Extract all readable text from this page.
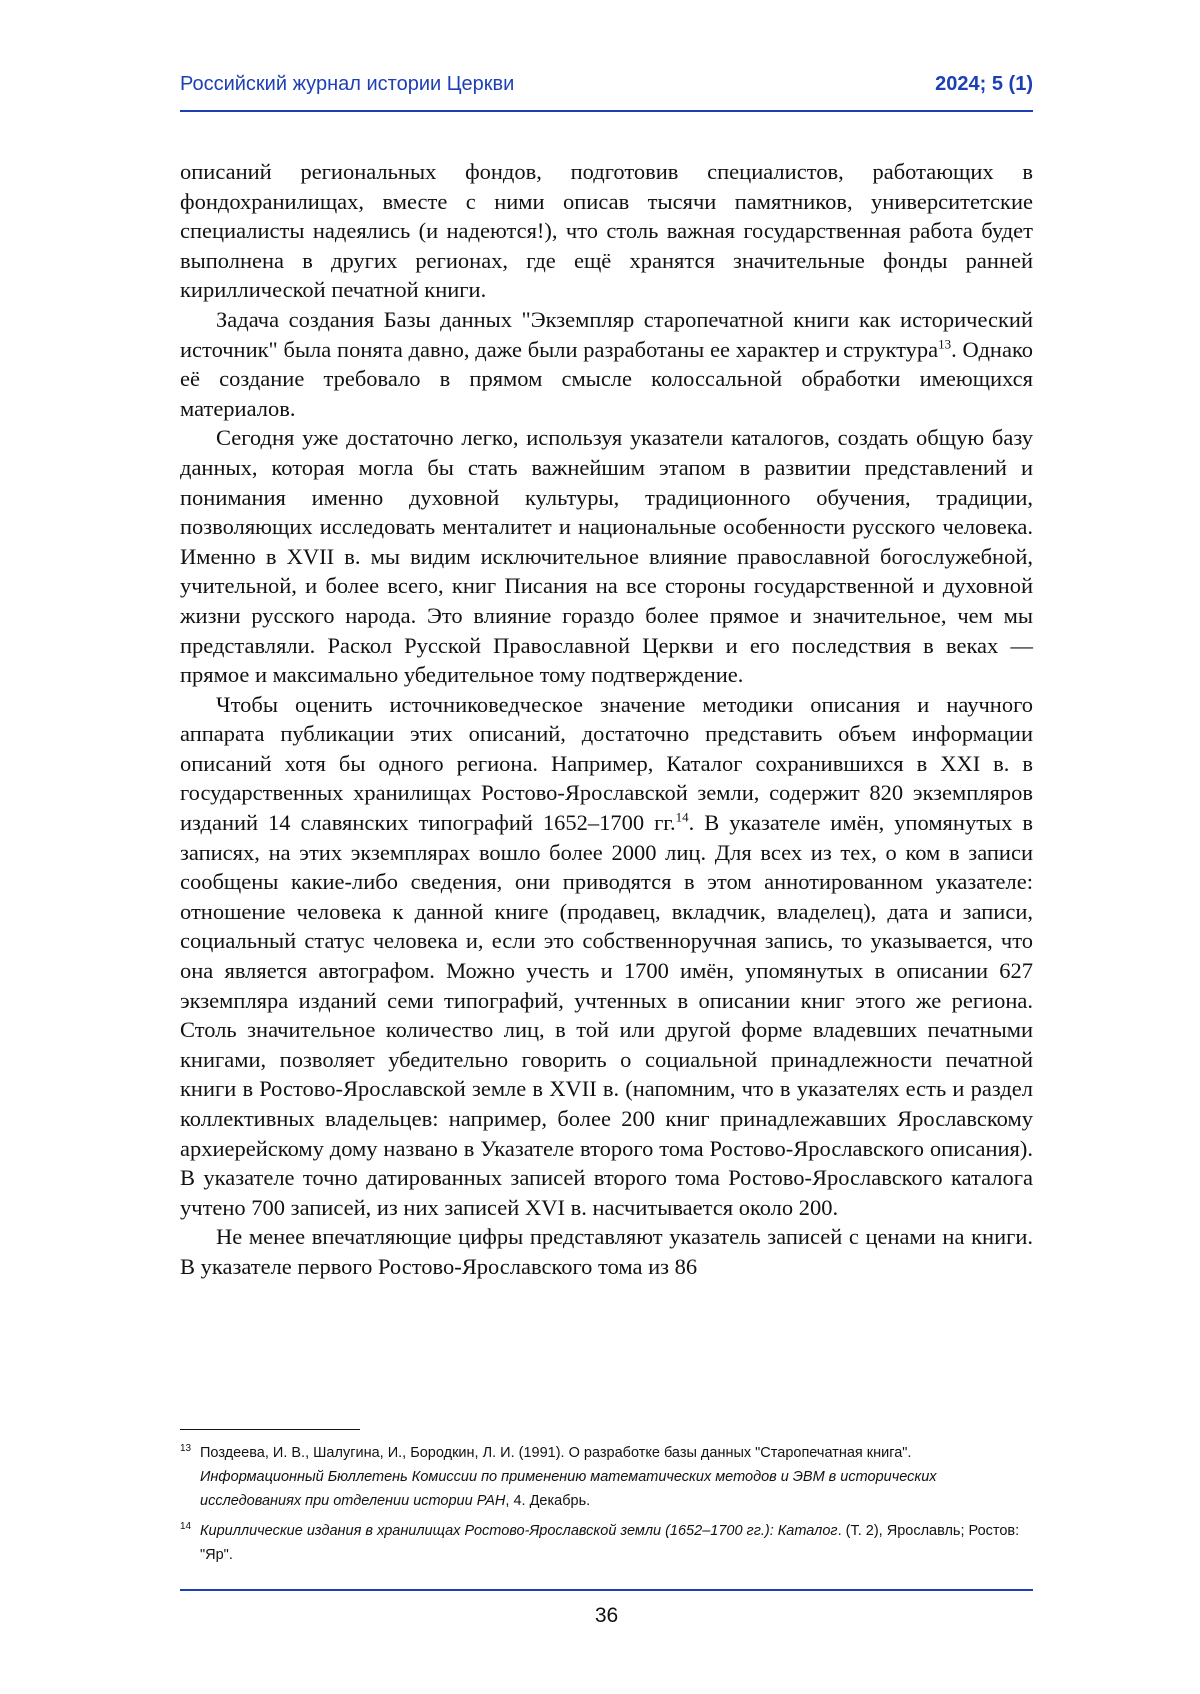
Российский журнал истории Церкви	2024; 5 (1)

описаний региональных фондов, подготовив специалистов, работающих в фондохранилищах, вместе с ними описав тысячи памятников, университетские специалисты надеялись (и надеются!), что столь важная государственная работа будет выполнена в других регионах, где ещё хранятся значительные фонды ранней кириллической печатной книги.

Задача создания Базы данных "Экземпляр старопечатной книги как исторический источник" была понята давно, даже были разработаны ее характер и структура$^{13}$. Однако её создание требовало в прямом смысле колоссальной обработки имеющихся материалов.

Сегодня уже достаточно легко, используя указатели каталогов, создать общую базу данных, которая могла бы стать важнейшим этапом в развитии представлений и понимания именно духовной культуры, традиционного обучения, традиции, позволяющих исследовать менталитет и национальные особенности русского человека. Именно в XVII в. мы видим исключительное влияние православной богослужебной, учительной, и более всего, книг Писания на все стороны государственной и духовной жизни русского народа. Это влияние гораздо более прямое и значительное, чем мы представляли. Раскол Русской Православной Церкви и его последствия в веках — прямое и максимально убедительное тому подтверждение.

Чтобы оценить источниковедческое значение методики описания и научного аппарата публикации этих описаний, достаточно представить объем информации описаний хотя бы одного региона. Например, Каталог сохранившихся в XXI в. в государственных хранилищах Ростово-Ярославской земли, содержит 820 экземпляров изданий 14 славянских типографий 1652–1700 гг.$^{14}$. В указателе имён, упомянутых в записях, на этих экземплярах вошло более 2000 лиц. Для всех из тех, о ком в записи сообщены какие-либо сведения, они приводятся в этом аннотированном указателе: отношение человека к данной книге (продавец, вкладчик, владелец), дата и записи, социальный статус человека и, если это собственноручная запись, то указывается, что она является автографом. Можно учесть и 1700 имён, упомянутых в описании 627 экземпляра изданий семи типографий, учтенных в описании книг этого же региона. Столь значительное количество лиц, в той или другой форме владевших печатными книгами, позволяет убедительно говорить о социальной принадлежности печатной книги в Ростово-Ярославской земле в XVII в. (напомним, что в указателях есть и раздел коллективных владельцев: например, более 200 книг принадлежавших Ярославскому архиерейскому дому названо в Указателе второго тома Ростово-Ярославского описания). В указателе точно датированных записей второго тома Ростово-Ярославского каталога учтено 700 записей, из них записей XVI в. насчитывается около 200.

Не менее впечатляющие цифры представляют указатель записей с ценами на книги. В указателе первого Ростово-Ярославского тома из 86

13 Поздеева, И. В., Шалугина, И., Бородкин, Л. И. (1991). О разработке базы данных "Старопечатная книга". Информационный Бюллетень Комиссии по применению математических методов и ЭВМ в исторических исследованиях при отделении истории РАН, 4. Декабрь.
14 Кириллические издания в хранилищах Ростово-Ярославской земли (1652–1700 гг.): Каталог. (Т. 2), Ярославль; Ростов: "Яр".
36
